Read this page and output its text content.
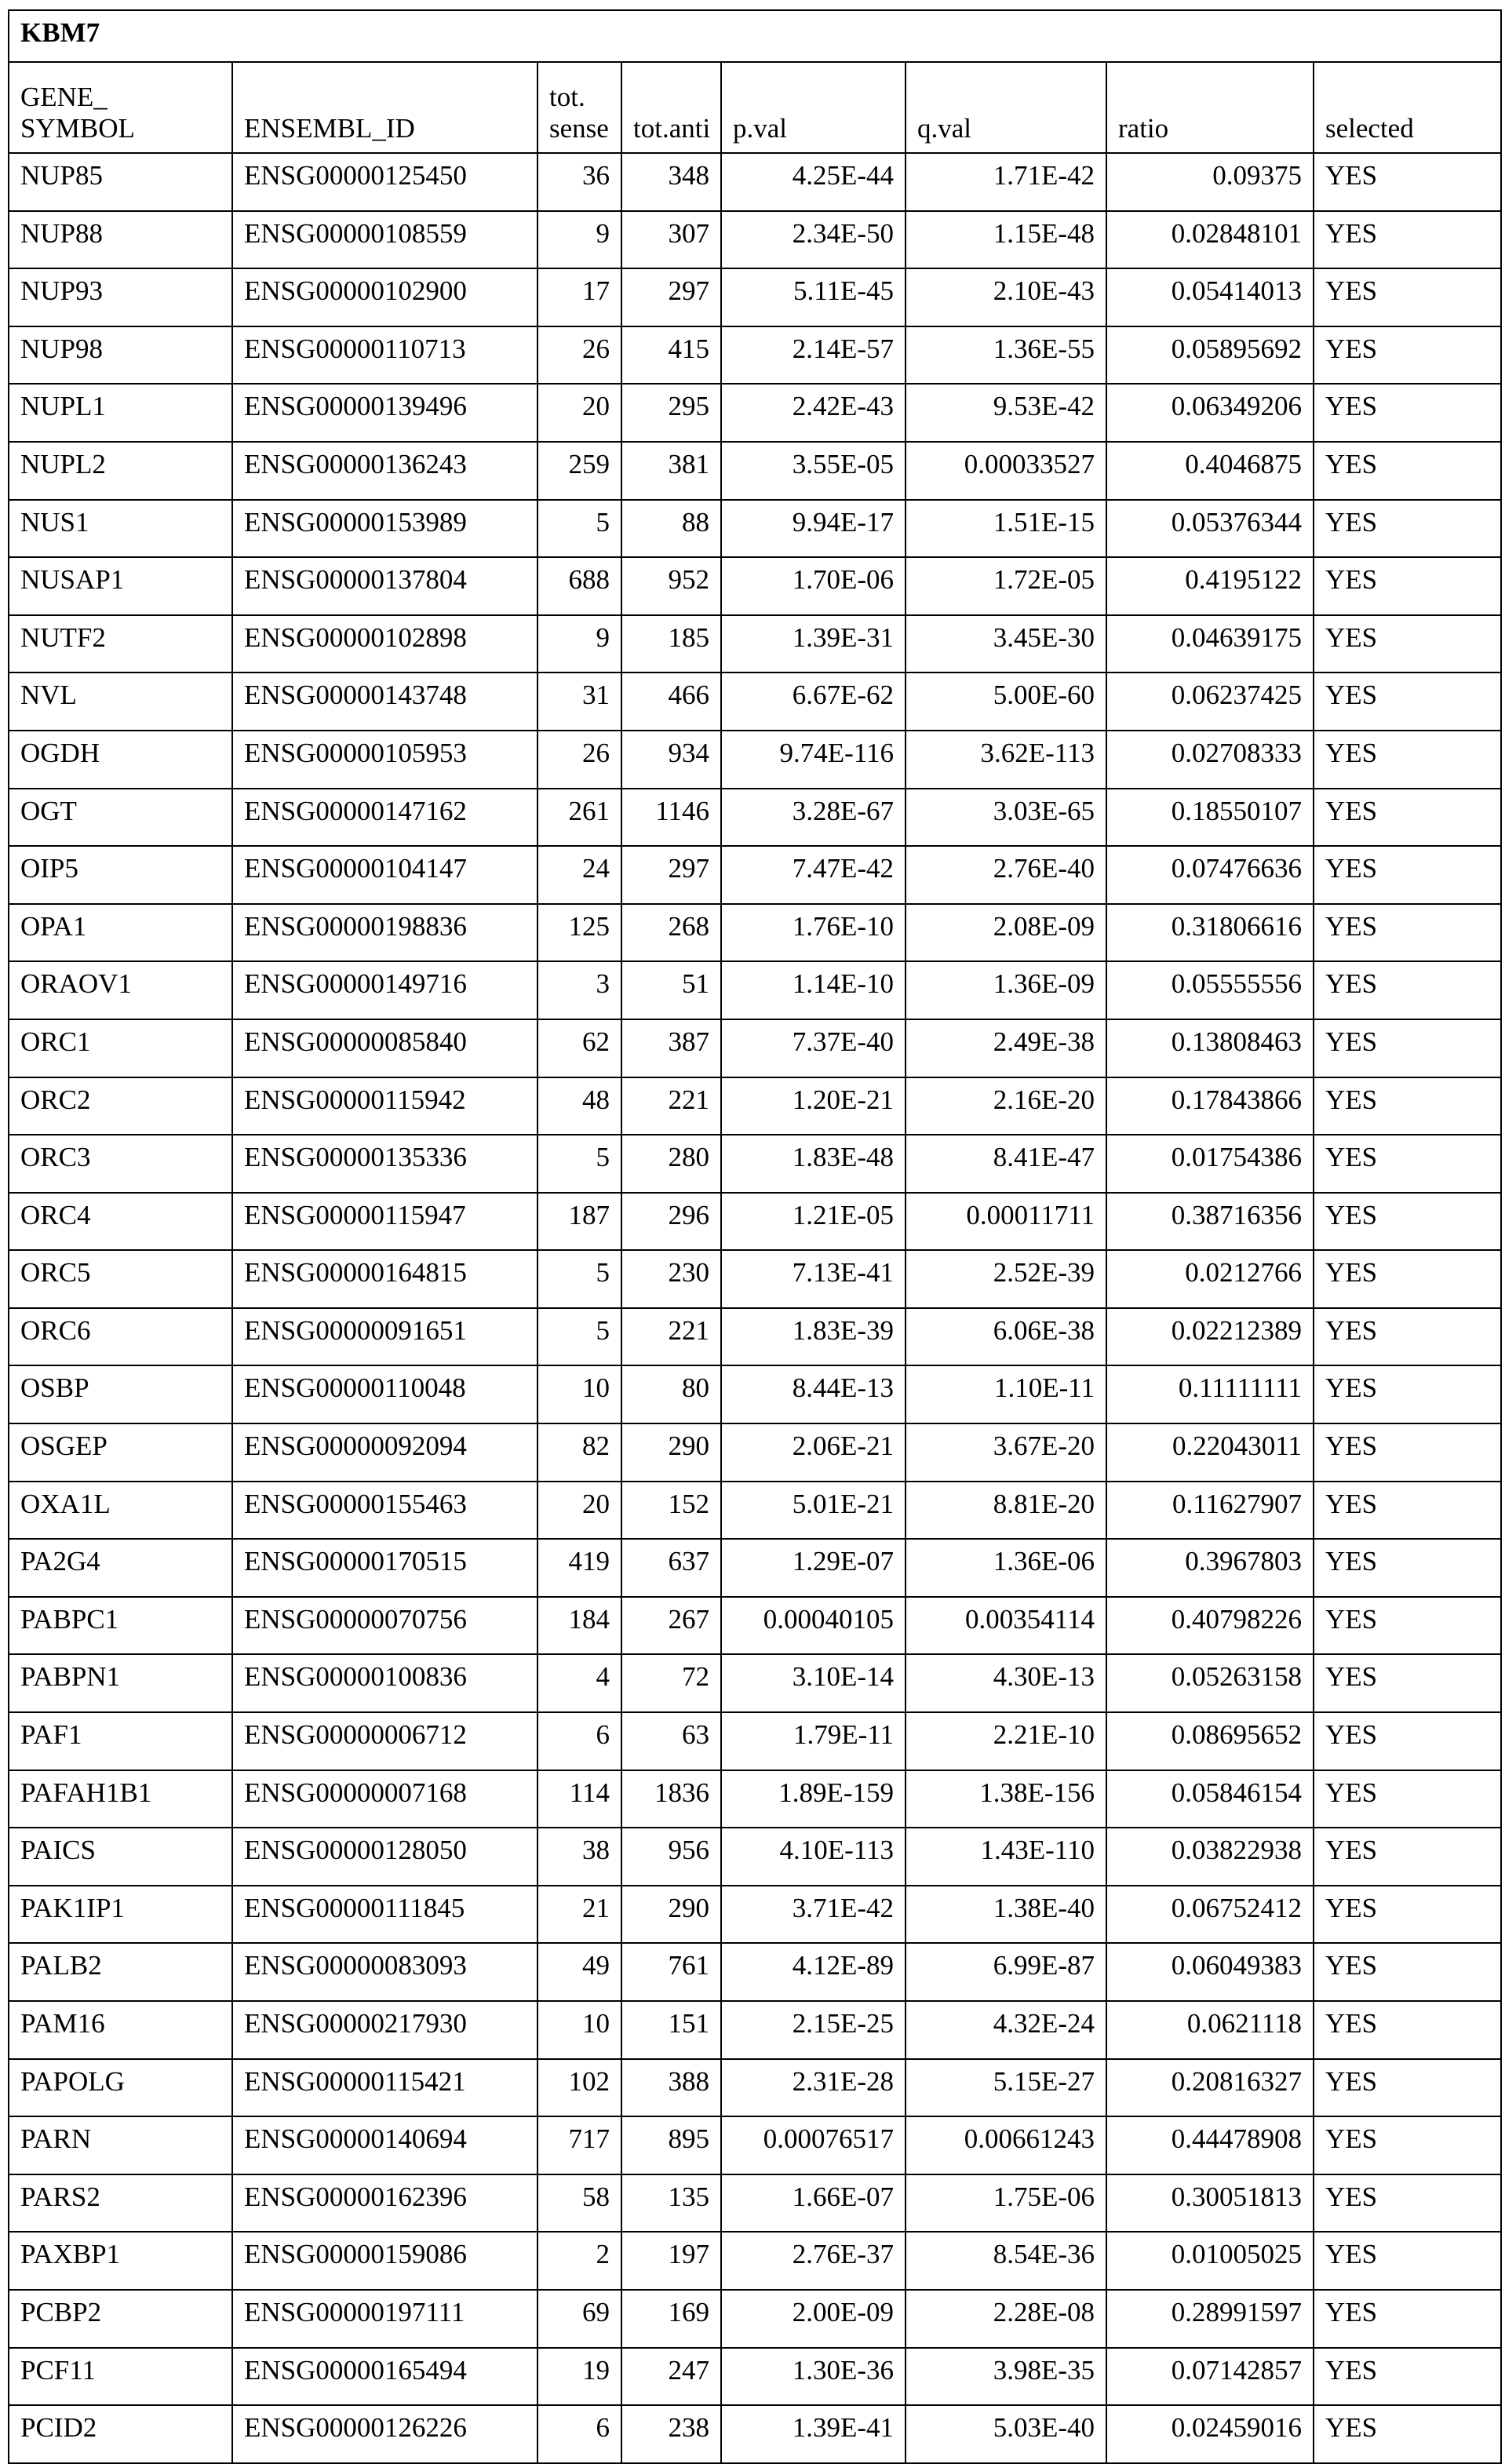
KBM7
GENE_ SYMBOL	ENSEMBL_ID	tot. sense	tot.anti	p.val	q.val	ratio	selected
NUP85	ENSG00000125450	36	348	4.25E-44	1.71E-42	0.09375	YES
NUP88	ENSG00000108559	9	307	2.34E-50	1.15E-48	0.02848101	YES
NUP93	ENSG00000102900	17	297	5.11E-45	2.10E-43	0.05414013	YES
NUP98	ENSG00000110713	26	415	2.14E-57	1.36E-55	0.05895692	YES
NUPL1	ENSG00000139496	20	295	2.42E-43	9.53E-42	0.06349206	YES
NUPL2	ENSG00000136243	259	381	3.55E-05	0.00033527	0.4046875	YES
NUS1	ENSG00000153989	5	88	9.94E-17	1.51E-15	0.05376344	YES
NUSAP1	ENSG00000137804	688	952	1.70E-06	1.72E-05	0.4195122	YES
NUTF2	ENSG00000102898	9	185	1.39E-31	3.45E-30	0.04639175	YES
NVL	ENSG00000143748	31	466	6.67E-62	5.00E-60	0.06237425	YES
OGDH	ENSG00000105953	26	934	9.74E-116	3.62E-113	0.02708333	YES
OGT	ENSG00000147162	261	1146	3.28E-67	3.03E-65	0.18550107	YES
OIP5	ENSG00000104147	24	297	7.47E-42	2.76E-40	0.07476636	YES
OPA1	ENSG00000198836	125	268	1.76E-10	2.08E-09	0.31806616	YES
ORAOV1	ENSG00000149716	3	51	1.14E-10	1.36E-09	0.05555556	YES
ORC1	ENSG00000085840	62	387	7.37E-40	2.49E-38	0.13808463	YES
ORC2	ENSG00000115942	48	221	1.20E-21	2.16E-20	0.17843866	YES
ORC3	ENSG00000135336	5	280	1.83E-48	8.41E-47	0.01754386	YES
ORC4	ENSG00000115947	187	296	1.21E-05	0.00011711	0.38716356	YES
ORC5	ENSG00000164815	5	230	7.13E-41	2.52E-39	0.0212766	YES
ORC6	ENSG00000091651	5	221	1.83E-39	6.06E-38	0.02212389	YES
OSBP	ENSG00000110048	10	80	8.44E-13	1.10E-11	0.11111111	YES
OSGEP	ENSG00000092094	82	290	2.06E-21	3.67E-20	0.22043011	YES
OXA1L	ENSG00000155463	20	152	5.01E-21	8.81E-20	0.11627907	YES
PA2G4	ENSG00000170515	419	637	1.29E-07	1.36E-06	0.3967803	YES
PABPC1	ENSG00000070756	184	267	0.00040105	0.00354114	0.40798226	YES
PABPN1	ENSG00000100836	4	72	3.10E-14	4.30E-13	0.05263158	YES
PAF1	ENSG00000006712	6	63	1.79E-11	2.21E-10	0.08695652	YES
PAFAH1B1	ENSG00000007168	114	1836	1.89E-159	1.38E-156	0.05846154	YES
PAICS	ENSG00000128050	38	956	4.10E-113	1.43E-110	0.03822938	YES
PAK1IP1	ENSG00000111845	21	290	3.71E-42	1.38E-40	0.06752412	YES
PALB2	ENSG00000083093	49	761	4.12E-89	6.99E-87	0.06049383	YES
PAM16	ENSG00000217930	10	151	2.15E-25	4.32E-24	0.0621118	YES
PAPOLG	ENSG00000115421	102	388	2.31E-28	5.15E-27	0.20816327	YES
PARN	ENSG00000140694	717	895	0.00076517	0.00661243	0.44478908	YES
PARS2	ENSG00000162396	58	135	1.66E-07	1.75E-06	0.30051813	YES
PAXBP1	ENSG00000159086	2	197	2.76E-37	8.54E-36	0.01005025	YES
PCBP2	ENSG00000197111	69	169	2.00E-09	2.28E-08	0.28991597	YES
PCF11	ENSG00000165494	19	247	1.30E-36	3.98E-35	0.07142857	YES
PCID2	ENSG00000126226	6	238	1.39E-41	5.03E-40	0.02459016	YES
